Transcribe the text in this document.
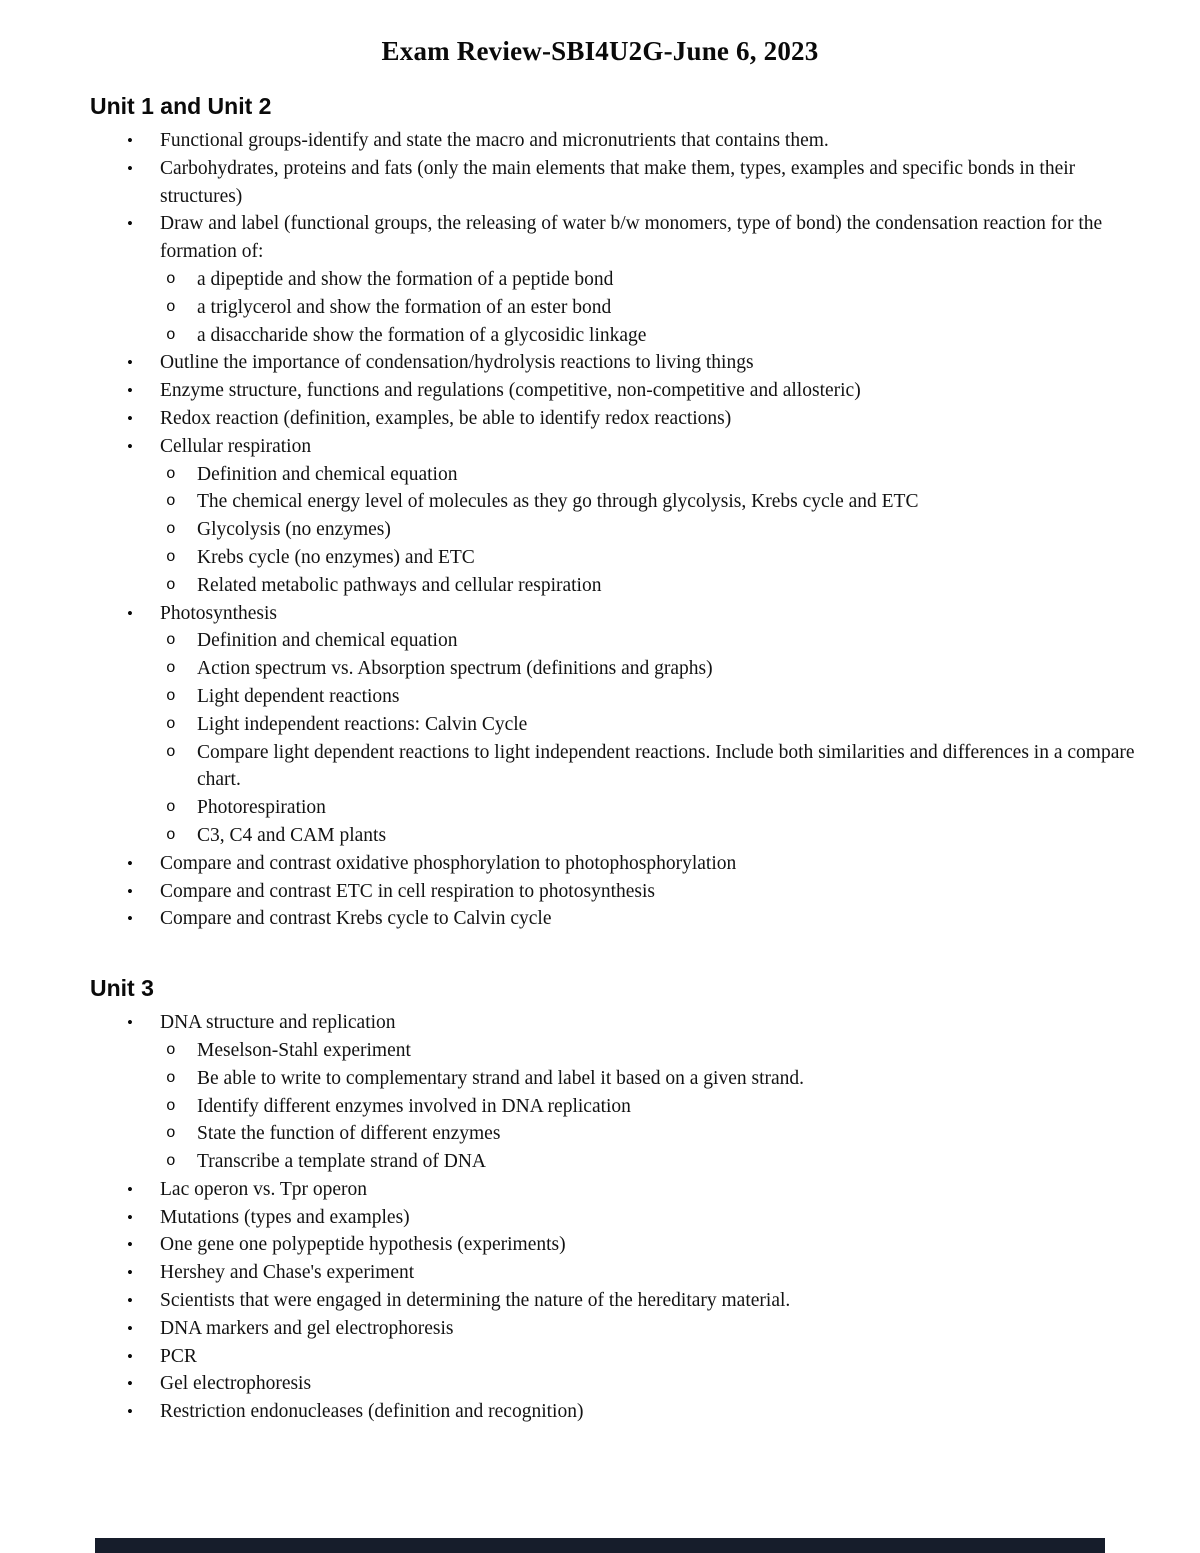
Exam Review-SBI4U2G-June 6, 2023
Unit 1 and Unit 2
•	Functional groups-identify and state the macro and micronutrients that contains them.
•	Carbohydrates, proteins and fats (only the main elements that make them, types, examples and specific bonds in their structures)
•	Draw and label (functional groups, the releasing of water b/w monomers, type of bond) the condensation reaction for the formation of:
o	a dipeptide and show the formation of a peptide bond
o	a triglycerol and show the formation of an ester bond
o	a disaccharide show the formation of a glycosidic linkage
•	Outline the importance of condensation/hydrolysis reactions to living things
•	Enzyme structure, functions and regulations (competitive, non-competitive and allosteric)
•	Redox reaction (definition, examples, be able to identify redox reactions)
•	Cellular respiration
o	Definition and chemical equation
o	The chemical energy level of molecules as they go through glycolysis, Krebs cycle and ETC
o	Glycolysis (no enzymes)
o	Krebs cycle (no enzymes) and ETC
o	Related metabolic pathways and cellular respiration
•	Photosynthesis
o	Definition and chemical equation
o	Action spectrum vs. Absorption spectrum (definitions and graphs)
o	Light dependent reactions
o	Light independent reactions: Calvin Cycle
o	Compare light dependent reactions to light independent reactions. Include both similarities and differences in a compare chart.
o	Photorespiration
o	C3, C4 and CAM plants
•	Compare and contrast oxidative phosphorylation to photophosphorylation
•	Compare and contrast ETC in cell respiration to photosynthesis
•	Compare and contrast Krebs cycle to Calvin cycle
Unit 3
•	DNA structure and replication
o	Meselson-Stahl experiment
o	Be able to write to complementary strand and label it based on a given strand.
o	Identify different enzymes involved in DNA replication
o	State the function of different enzymes
o	Transcribe a template strand of DNA
•	Lac operon vs. Tpr operon
•	Mutations (types and examples)
•	One gene one polypeptide hypothesis (experiments)
•	Hershey and Chase's experiment
•	Scientists that were engaged in determining the nature of the hereditary material.
•	DNA markers and gel electrophoresis
•	PCR
•	Gel electrophoresis
•	Restriction endonucleases (definition and recognition)
